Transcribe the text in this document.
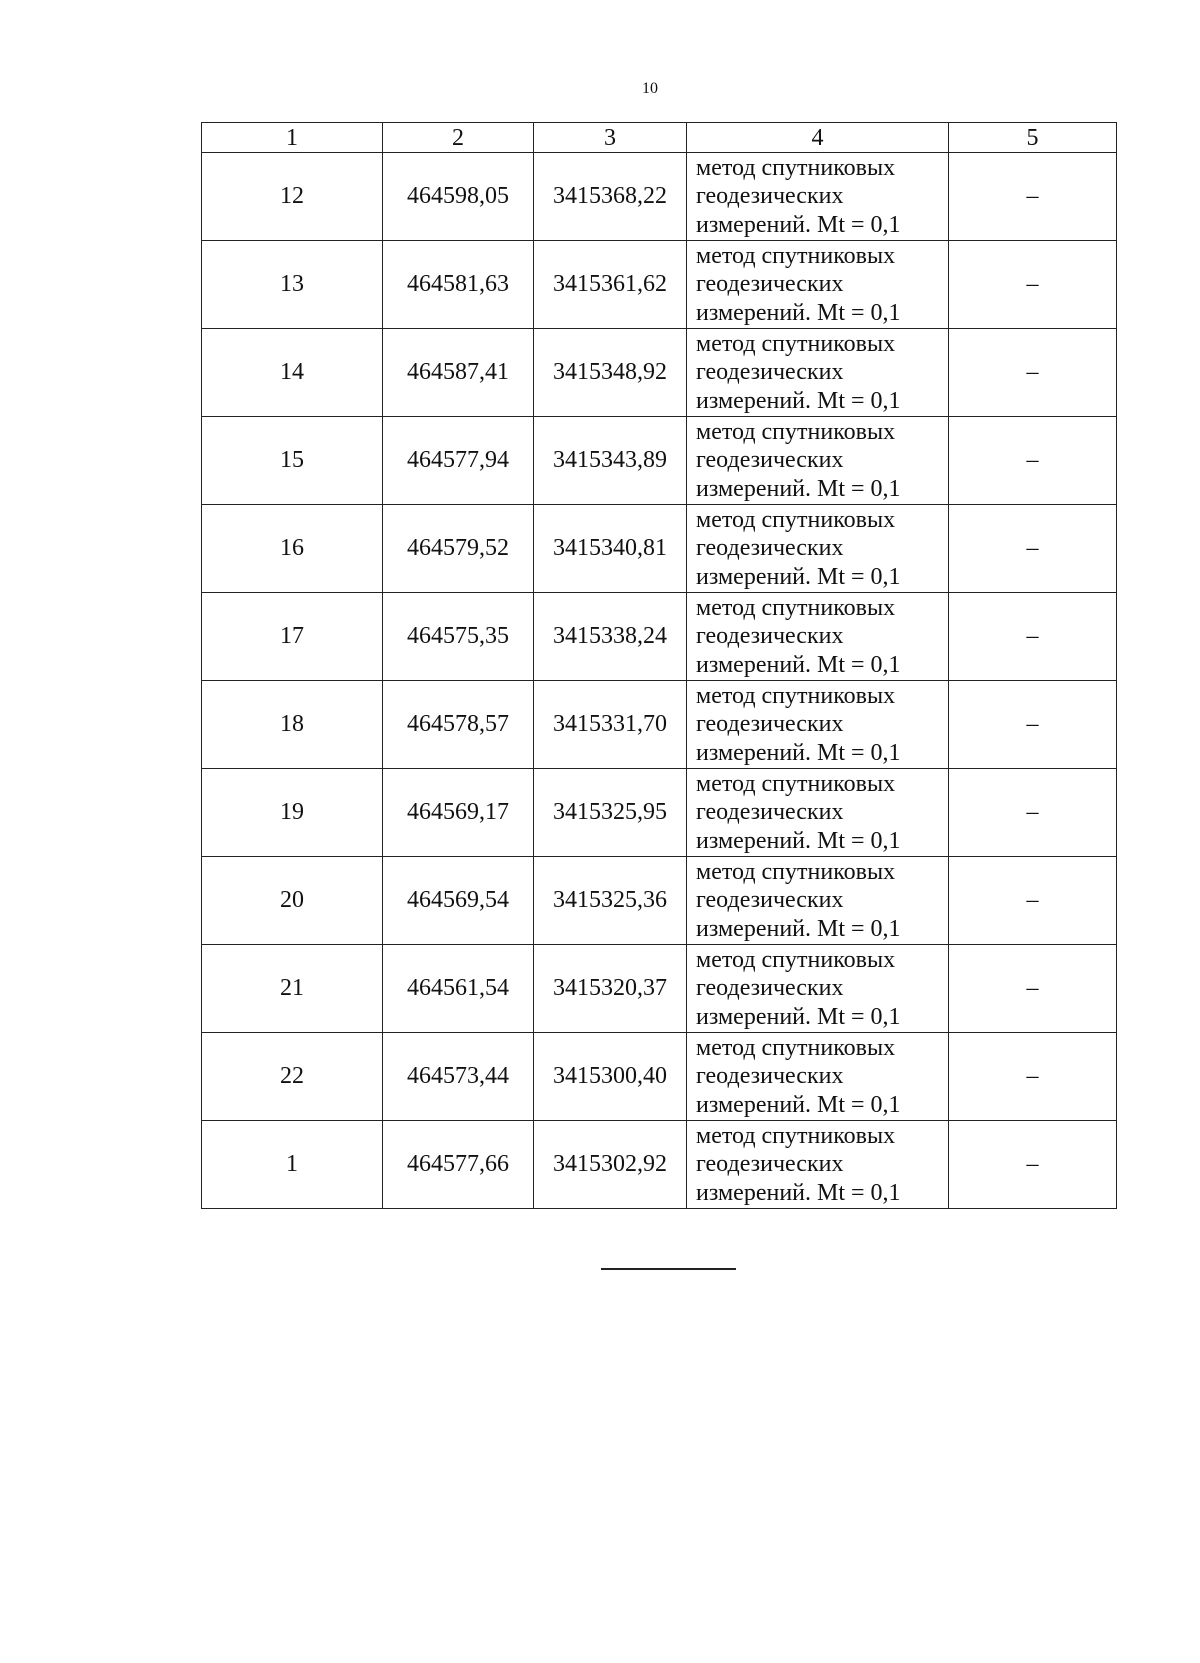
10
1	2	3	4	5
12	464598,05	3415368,22	метод спутниковых
геодезических
измерений. Mt = 0,1	–
13	464581,63	3415361,62	метод спутниковых
геодезических
измерений. Mt = 0,1	–
14	464587,41	3415348,92	метод спутниковых
геодезических
измерений. Mt = 0,1	–
15	464577,94	3415343,89	метод спутниковых
геодезических
измерений. Mt = 0,1	–
16	464579,52	3415340,81	метод спутниковых
геодезических
измерений. Mt = 0,1	–
17	464575,35	3415338,24	метод спутниковых
геодезических
измерений. Mt = 0,1	–
18	464578,57	3415331,70	метод спутниковых
геодезических
измерений. Mt = 0,1	–
19	464569,17	3415325,95	метод спутниковых
геодезических
измерений. Mt = 0,1	–
20	464569,54	3415325,36	метод спутниковых
геодезических
измерений. Mt = 0,1	–
21	464561,54	3415320,37	метод спутниковых
геодезических
измерений. Mt = 0,1	–
22	464573,44	3415300,40	метод спутниковых
геодезических
измерений. Mt = 0,1	–
1	464577,66	3415302,92	метод спутниковых
геодезических
измерений. Mt = 0,1	–
